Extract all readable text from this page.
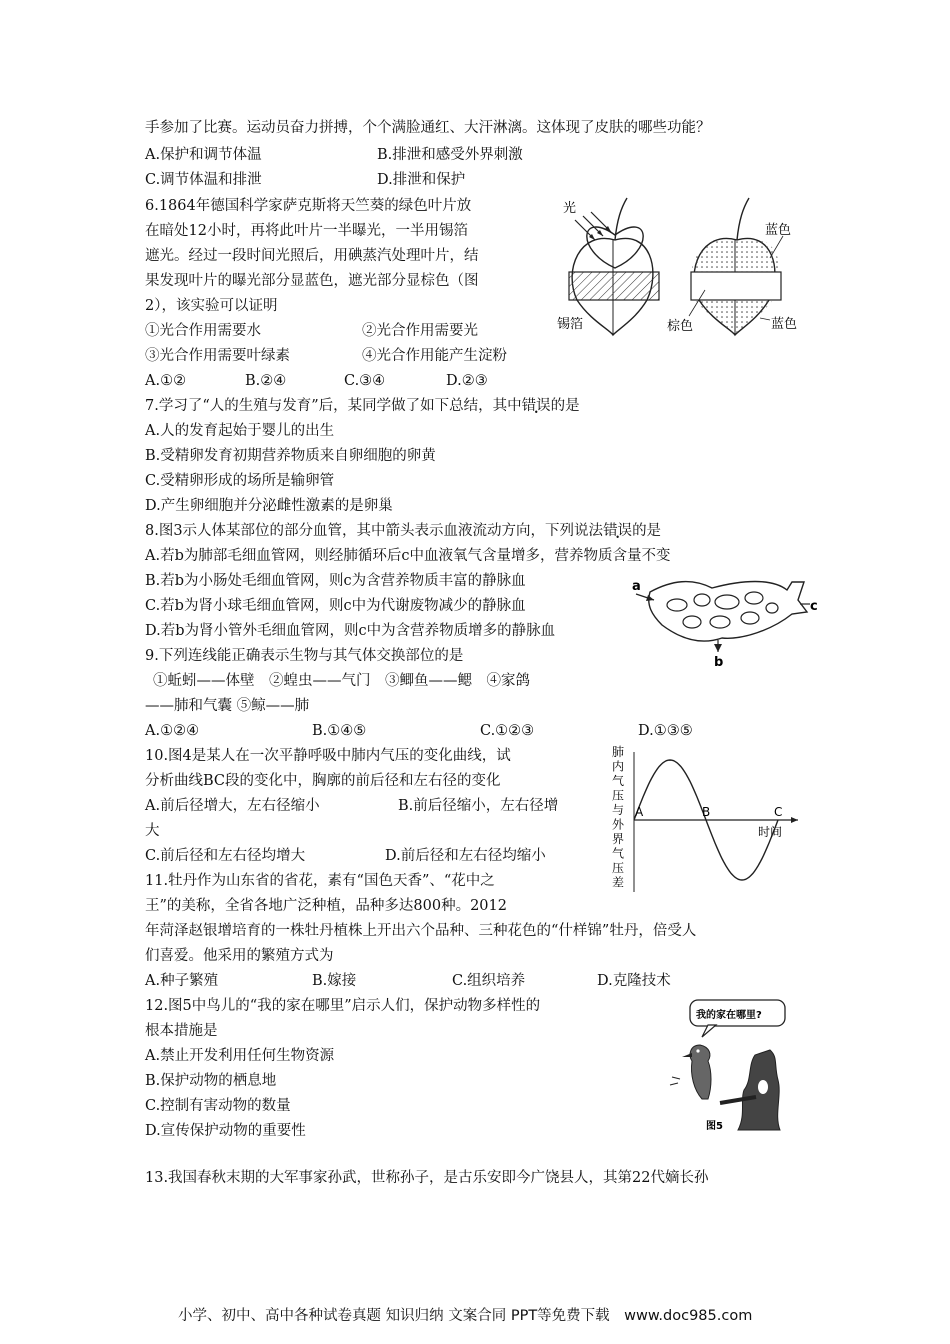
手参加了比赛。运动员奋力拼搏，个个满脸通红、大汗淋漓。这体现了皮肤的哪些功能？
A.保护和调节体温	B.排泄和感受外界刺激
C.调节体温和排泄	D.排泄和保护
6.1864年德国科学家萨克斯将天竺葵的绿色叶片放
在暗处12小时，再将此叶片一半曝光，一半用锡箔
遮光。经过一段时间光照后，用碘蒸汽处理叶片，结
果发现叶片的曝光部分显蓝色，遮光部分显棕色（图
2），该实验可以证明
①光合作用需要水	②光合作用需要光
③光合作用需要叶绿素	④光合作用能产生淀粉
A.①②	B.②④	C.③④	D.②③
光
锡箔
蓝色
棕色	蓝色
7.学习了“人的生殖与发育”后，某同学做了如下总结，其中错误的是
A.人的发育起始于婴儿的出生
B.受精卵发育初期营养物质来自卵细胞的卵黄
C.受精卵形成的场所是输卵管
D.产生卵细胞并分泌雌性激素的是卵巢
8.图3示人体某部位的部分血管，其中箭头表示血液流动方向，下列说法错误的是
A.若b为肺部毛细血管网，则经肺循环后c中血液氧气含量增多，营养物质含量不变
B.若b为小肠处毛细血管网，则c为含营养物质丰富的静脉血
C.若b为肾小球毛细血管网，则c中为代谢废物减少的静脉血
D.若b为肾小管外毛细血管网，则c中为含营养物质增多的静脉血
a
c
b
9.下列连线能正确表示生物与其气体交换部位的是
①蚯蚓——体壁　②蝗虫——气门　③鲫鱼——鳃　④家鸽
——肺和气囊 ⑤鲸——肺
A.①②④	B.①④⑤	C.①②③	D.①③⑤
10.图4是某人在一次平静呼吸中肺内气压的变化曲线，试
分析曲线BC段的变化中，胸廓的前后径和左右径的变化
A.前后径增大，左右径缩小	B.前后径缩小，左右径增
大
C.前后径和左右径均增大	D.前后径和左右径均缩小
肺
内
气
压
与
外
界
气
压
差
A	B	C
时间
11.牡丹作为山东省的省花，素有“国色天香”、“花中之
王”的美称，全省各地广泛种植，品种多达800种。2012
年菏泽赵银增培育的一株牡丹植株上开出六个品种、三种花色的“什样锦”牡丹，倍受人
们喜爱。他采用的繁殖方式为
A.种子繁殖	B.嫁接	C.组织培养	D.克隆技术
12.图5中鸟儿的“我的家在哪里”启示人们，保护动物多样性的
根本措施是
A.禁止开发利用任何生物资源
B.保护动物的栖息地
C.控制有害动物的数量
D.宣传保护动物的重要性
我的家在哪里?
图5
13.我国春秋末期的大军事家孙武，世称孙子，是古乐安即今广饶县人，其第22代嫡长孙
小学、初中、高中各种试卷真题 知识归纳 文案合同 PPT等免费下载　www.doc985.com
